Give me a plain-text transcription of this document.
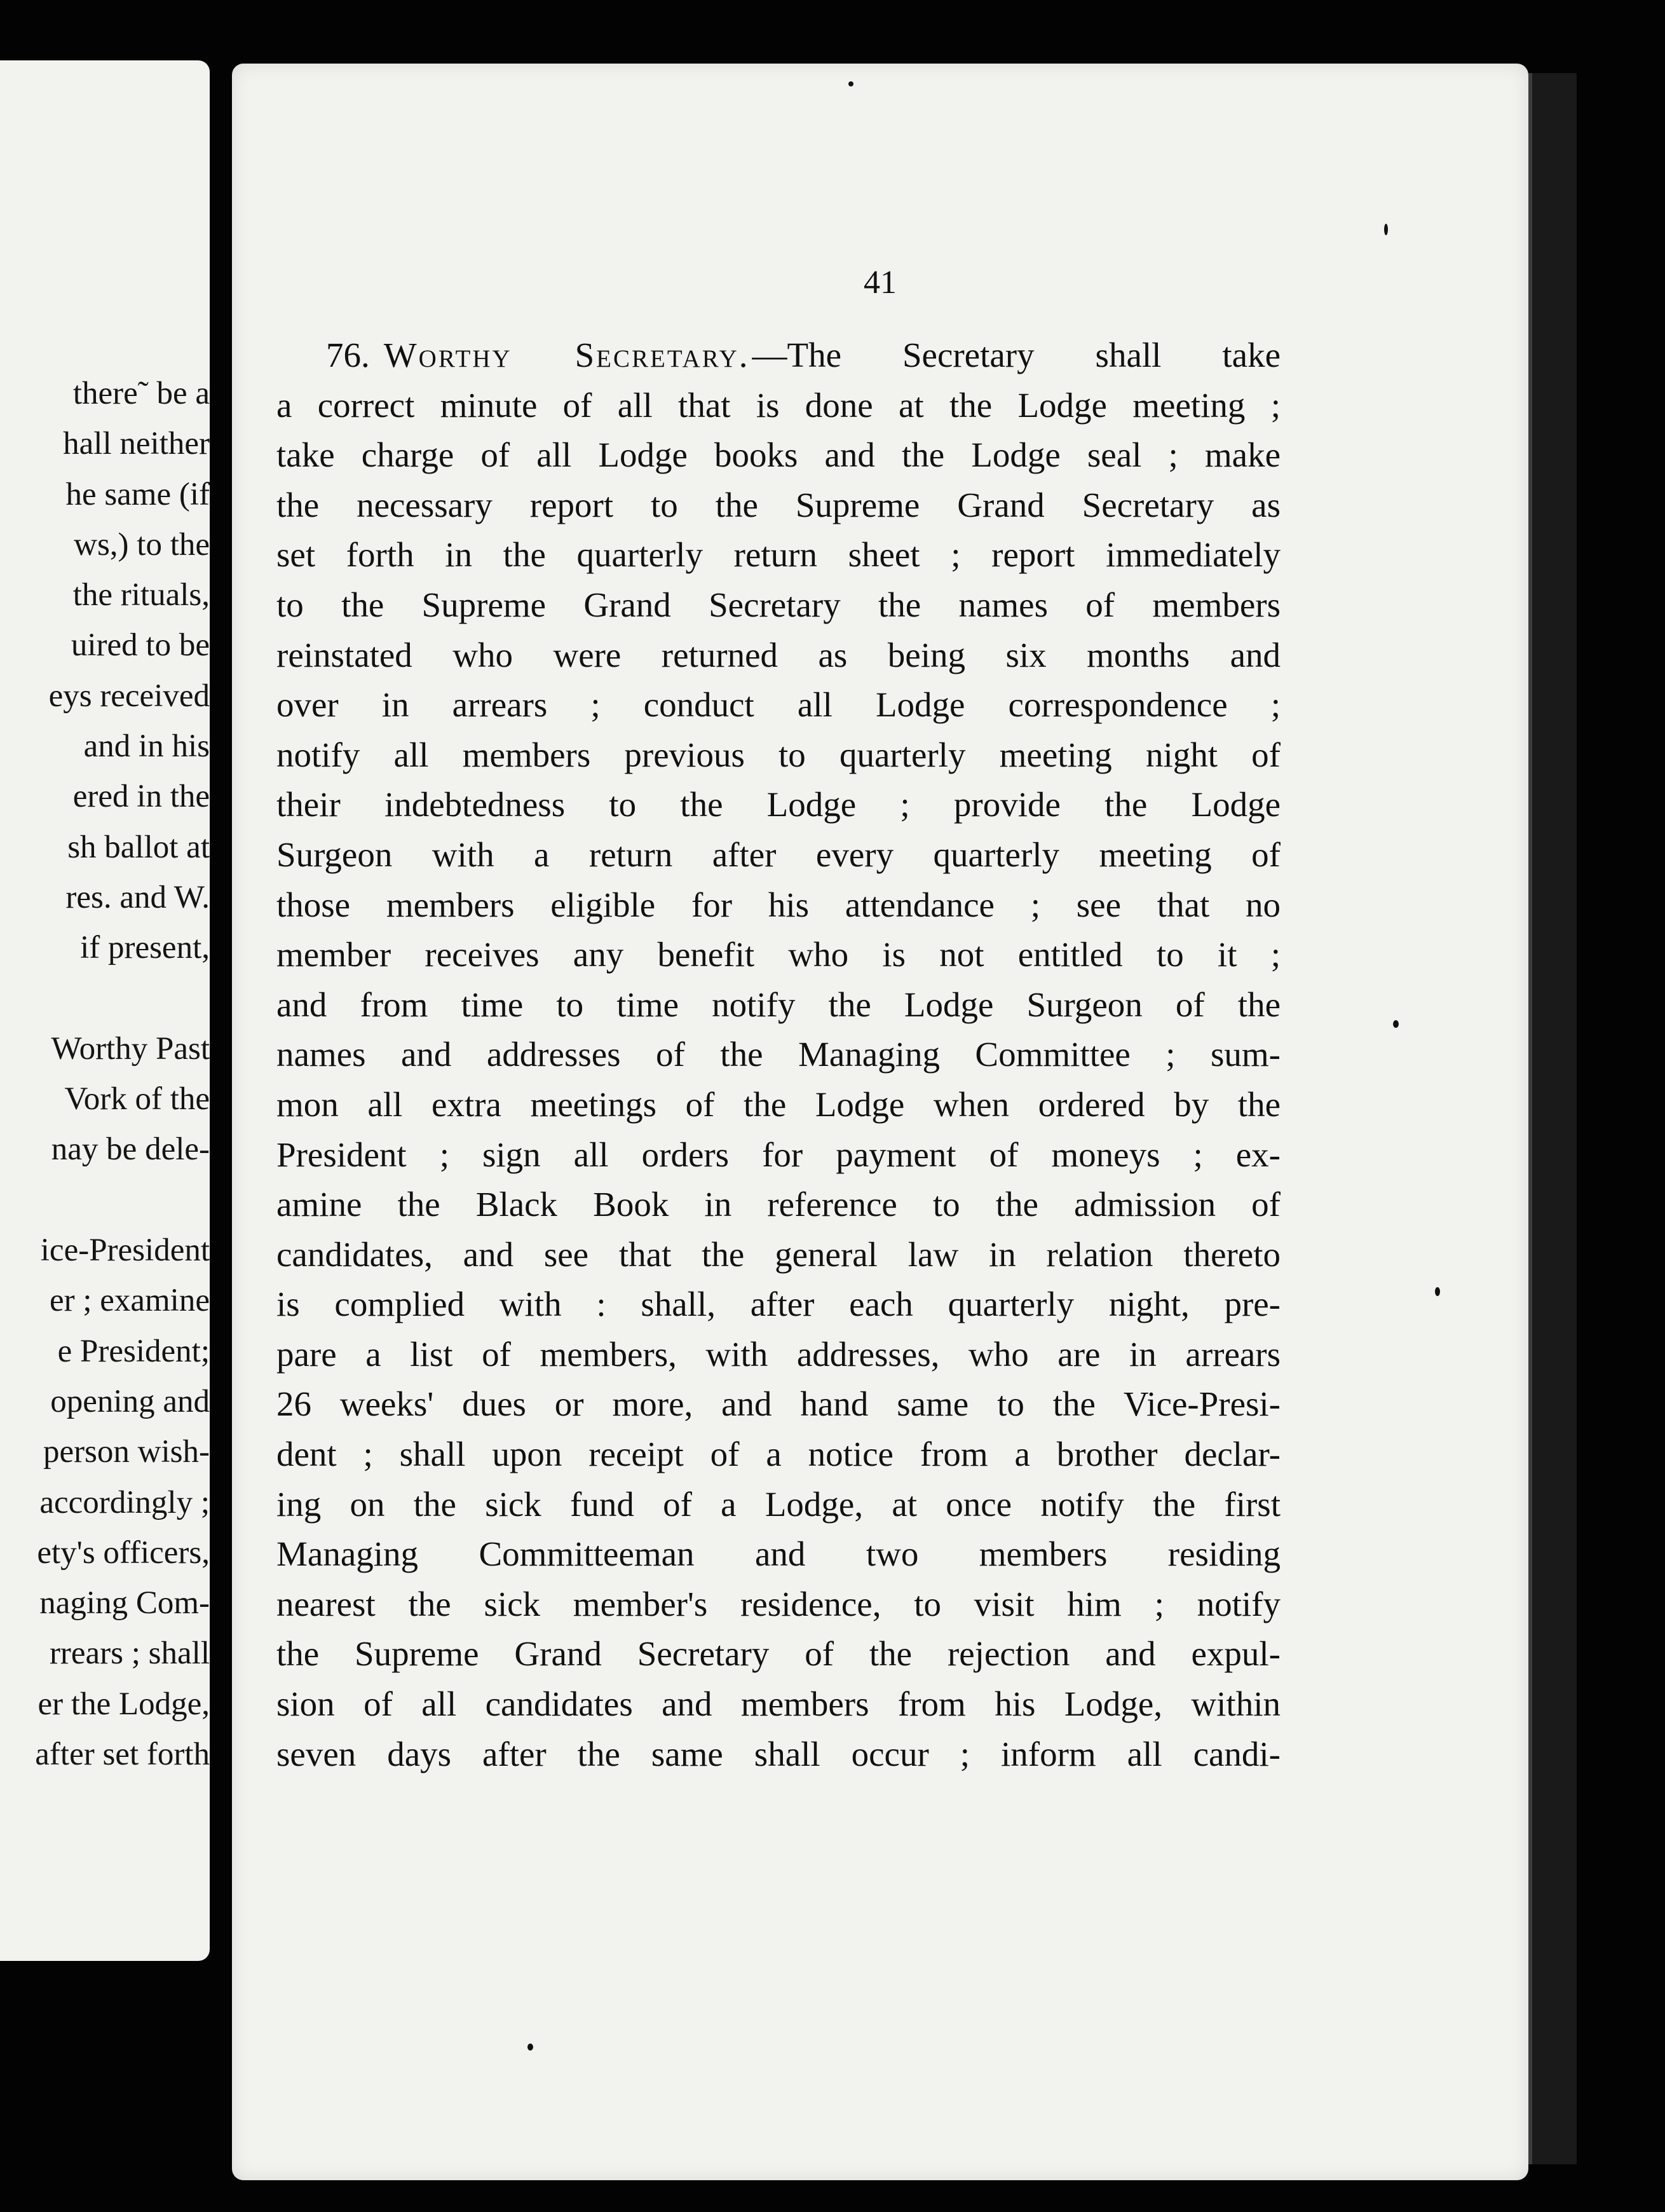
there˜ be a
hall neither
he same (if
ws,) to the
the rituals,
uired to be
eys received
and in his
ered in the
sh ballot at
res. and W.
if present,
Worthy Past
Vork of the
nay be dele-
ice-President
er ; examine
e President;
opening and
person wish-
accordingly ;
ety's officers,
naging Com-
rrears ; shall
er the Lodge,
after set forth
41
76. Worthy Secretary.—The Secretary shall take
a correct minute of all that is done at the Lodge meeting ;
take charge of all Lodge books and the Lodge seal ; make
the necessary report to the Supreme Grand Secretary as
set forth in the quarterly return sheet ; report immediately
to the Supreme Grand Secretary the names of members
reinstated who were returned as being six months and
over in arrears ; conduct all Lodge correspondence ;
notify all members previous to quarterly meeting night of
their indebtedness to the Lodge ; provide the Lodge
Surgeon with a return after every quarterly meeting of
those members eligible for his attendance ; see that no
member receives any benefit who is not entitled to it ;
and from time to time notify the Lodge Surgeon of the
names and addresses of the Managing Committee ; sum-
mon all extra meetings of the Lodge when ordered by the
President ; sign all orders for payment of moneys ; ex-
amine the Black Book in reference to the admission of
candidates, and see that the general law in relation thereto
is complied with : shall, after each quarterly night, pre-
pare a list of members, with addresses, who are in arrears
26 weeks' dues or more, and hand same to the Vice-Presi-
dent ; shall upon receipt of a notice from a brother declar-
ing on the sick fund of a Lodge, at once notify the first
Managing Committeeman and two members residing
nearest the sick member's residence, to visit him ; notify
the Supreme Grand Secretary of the rejection and expul-
sion of all candidates and members from his Lodge, within
seven days after the same shall occur ; inform all candi-
